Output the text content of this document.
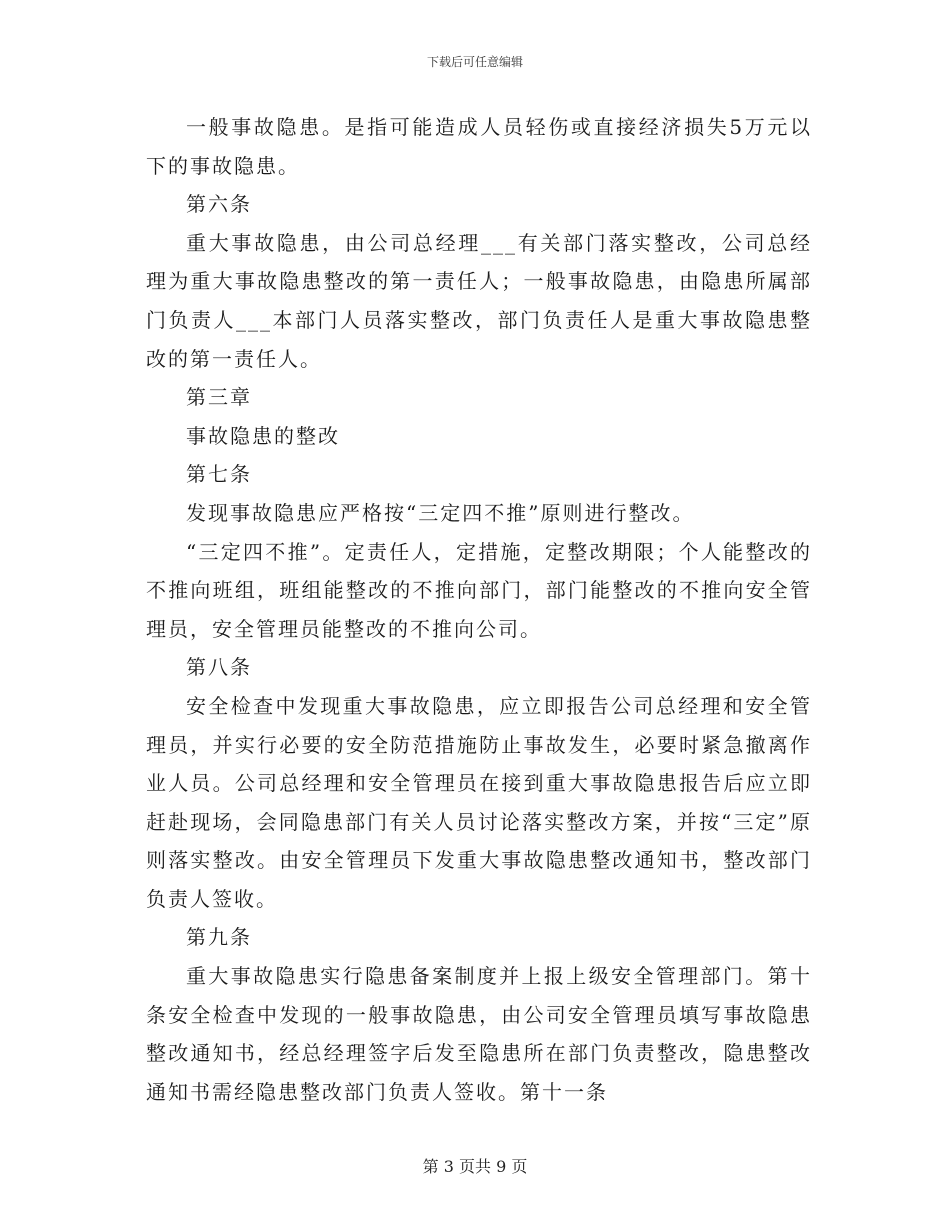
下载后可任意编辑

一般事故隐患。是指可能造成人员轻伤或直接经济损失5万元以下的事故隐患。

第六条

重大事故隐患，由公司总经理___有关部门落实整改，公司总经理为重大事故隐患整改的第一责任人；一般事故隐患，由隐患所属部门负责人___本部门人员落实整改，部门负责任人是重大事故隐患整改的第一责任人。

第三章

事故隐患的整改

第七条

发现事故隐患应严格按“三定四不推”原则进行整改。

“三定四不推”。定责任人，定措施，定整改期限；个人能整改的不推向班组，班组能整改的不推向部门，部门能整改的不推向安全管理员，安全管理员能整改的不推向公司。

第八条

安全检查中发现重大事故隐患，应立即报告公司总经理和安全管理员，并实行必要的安全防范措施防止事故发生，必要时紧急撤离作业人员。公司总经理和安全管理员在接到重大事故隐患报告后应立即赶赴现场，会同隐患部门有关人员讨论落实整改方案，并按“三定”原则落实整改。由安全管理员下发重大事故隐患整改通知书，整改部门负责人签收。

第九条

重大事故隐患实行隐患备案制度并上报上级安全管理部门。第十条安全检查中发现的一般事故隐患，由公司安全管理员填写事故隐患整改通知书，经总经理签字后发至隐患所在部门负责整改，隐患整改通知书需经隐患整改部门负责人签收。第十一条

第 3 页共 9 页
